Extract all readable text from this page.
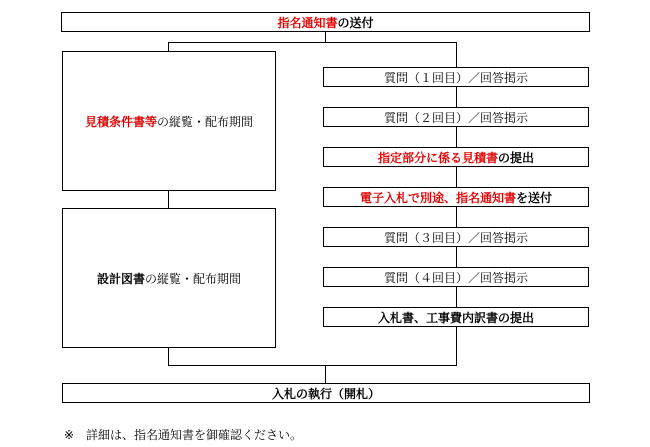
指名通知書 の送付
見積条件書等 の縦覧・配布期間
設計図書 の縦覧・配布期間
質問（１回目）／回答掲示
質問（２回目）／回答掲示
指定部分に係る見積書 の提出
電子入札で別途、指名通知書 を送付
質問（３回目）／回答掲示
質問（４回目）／回答掲示
入札書、工事費内訳書の提出
入札の執行（開札）
※　詳細は、指名通知書を御確認ください。
